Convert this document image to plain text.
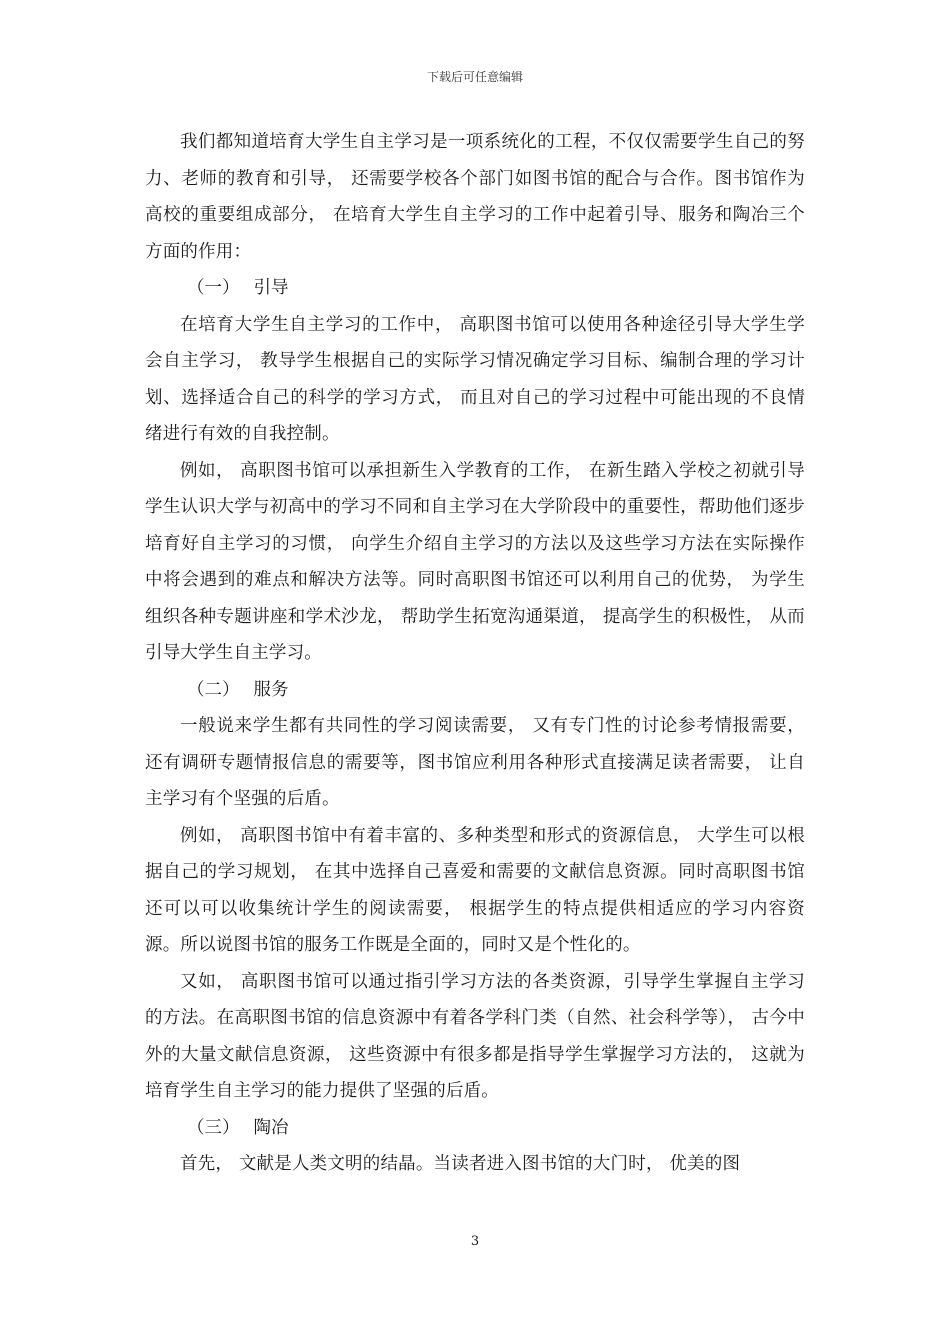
下载后可任意编辑

我们都知道培育大学生自主学习是一项系统化的工程，不仅仅需要学生自己的努力、老师的教育和引导， 还需要学校各个部门如图书馆的配合与合作。图书馆作为高校的重要组成部分， 在培育大学生自主学习的工作中起着引导、服务和陶冶三个方面的作用：

（一） 引导

在培育大学生自主学习的工作中， 高职图书馆可以使用各种途径引导大学生学会自主学习， 教导学生根据自己的实际学习情况确定学习目标、编制合理的学习计划、选择适合自己的科学的学习方式， 而且对自己的学习过程中可能出现的不良情绪进行有效的自我控制。

例如， 高职图书馆可以承担新生入学教育的工作， 在新生踏入学校之初就引导学生认识大学与初高中的学习不同和自主学习在大学阶段中的重要性，帮助他们逐步培育好自主学习的习惯， 向学生介绍自主学习的方法以及这些学习方法在实际操作中将会遇到的难点和解决方法等。同时高职图书馆还可以利用自己的优势， 为学生组织各种专题讲座和学术沙龙， 帮助学生拓宽沟通渠道， 提高学生的积极性， 从而引导大学生自主学习。

（二） 服务

一般说来学生都有共同性的学习阅读需要， 又有专门性的讨论参考情报需要， 还有调研专题情报信息的需要等，图书馆应利用各种形式直接满足读者需要， 让自主学习有个坚强的后盾。

例如， 高职图书馆中有着丰富的、多种类型和形式的资源信息， 大学生可以根据自己的学习规划， 在其中选择自己喜爱和需要的文献信息资源。同时高职图书馆还可以可以收集统计学生的阅读需要， 根据学生的特点提供相适应的学习内容资源。所以说图书馆的服务工作既是全面的，同时又是个性化的。

又如， 高职图书馆可以通过指引学习方法的各类资源，引导学生掌握自主学习的方法。在高职图书馆的信息资源中有着各学科门类（自然、社会科学等）， 古今中外的大量文献信息资源， 这些资源中有很多都是指导学生掌握学习方法的， 这就为培育学生自主学习的能力提供了坚强的后盾。

（三） 陶冶

首先， 文献是人类文明的结晶。当读者进入图书馆的大门时， 优美的图

3
